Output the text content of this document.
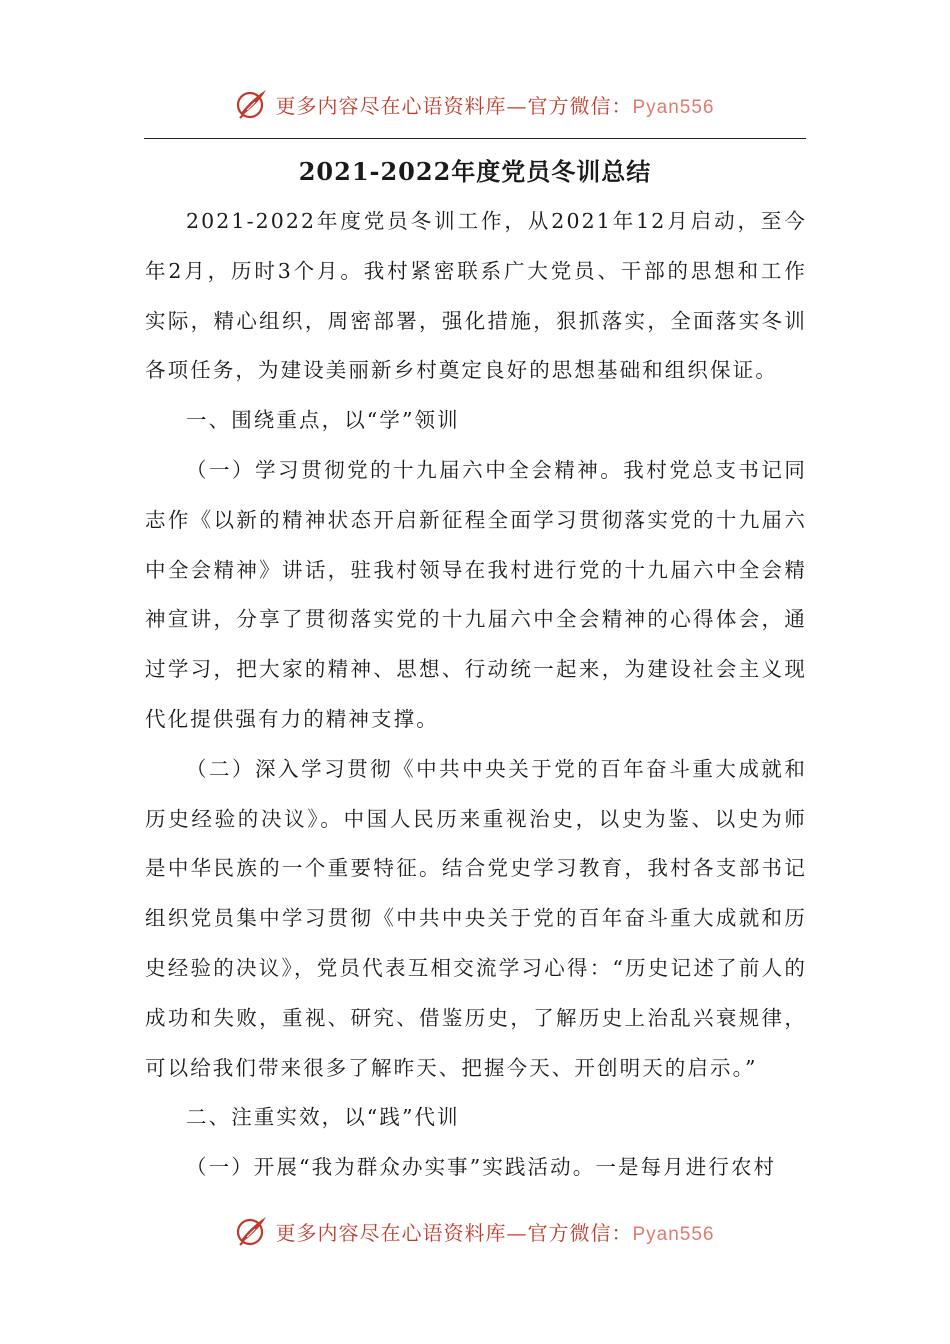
更多内容尽在心语资料库—官方微信：Pyan556
2021-2022年度党员冬训总结

2021-2022年度党员冬训工作，从2021年12月启动，至今年2月，历时3个月。我村紧密联系广大党员、干部的思想和工作实际，精心组织，周密部署，强化措施，狠抓落实，全面落实冬训各项任务，为建设美丽新乡村奠定良好的思想基础和组织保证。

一、围绕重点，以“学”领训

（一）学习贯彻党的十九届六中全会精神。我村党总支书记同志作《以新的精神状态开启新征程全面学习贯彻落实党的十九届六中全会精神》讲话，驻我村领导在我村进行党的十九届六中全会精神宣讲，分享了贯彻落实党的十九届六中全会精神的心得体会，通过学习，把大家的精神、思想、行动统一起来，为建设社会主义现代化提供强有力的精神支撑。

（二）深入学习贯彻《中共中央关于党的百年奋斗重大成就和历史经验的决议》。中国人民历来重视治史，以史为鉴、以史为师是中华民族的一个重要特征。结合党史学习教育，我村各支部书记组织党员集中学习贯彻《中共中央关于党的百年奋斗重大成就和历史经验的决议》，党员代表互相交流学习心得：“历史记述了前人的成功和失败，重视、研究、借鉴历史，了解历史上治乱兴衰规律，可以给我们带来很多了解昨天、把握今天、开创明天的启示。”

二、注重实效，以“践”代训

（一）开展“我为群众办实事”实践活动。一是每月进行农村

更多内容尽在心语资料库—官方微信：Pyan556
